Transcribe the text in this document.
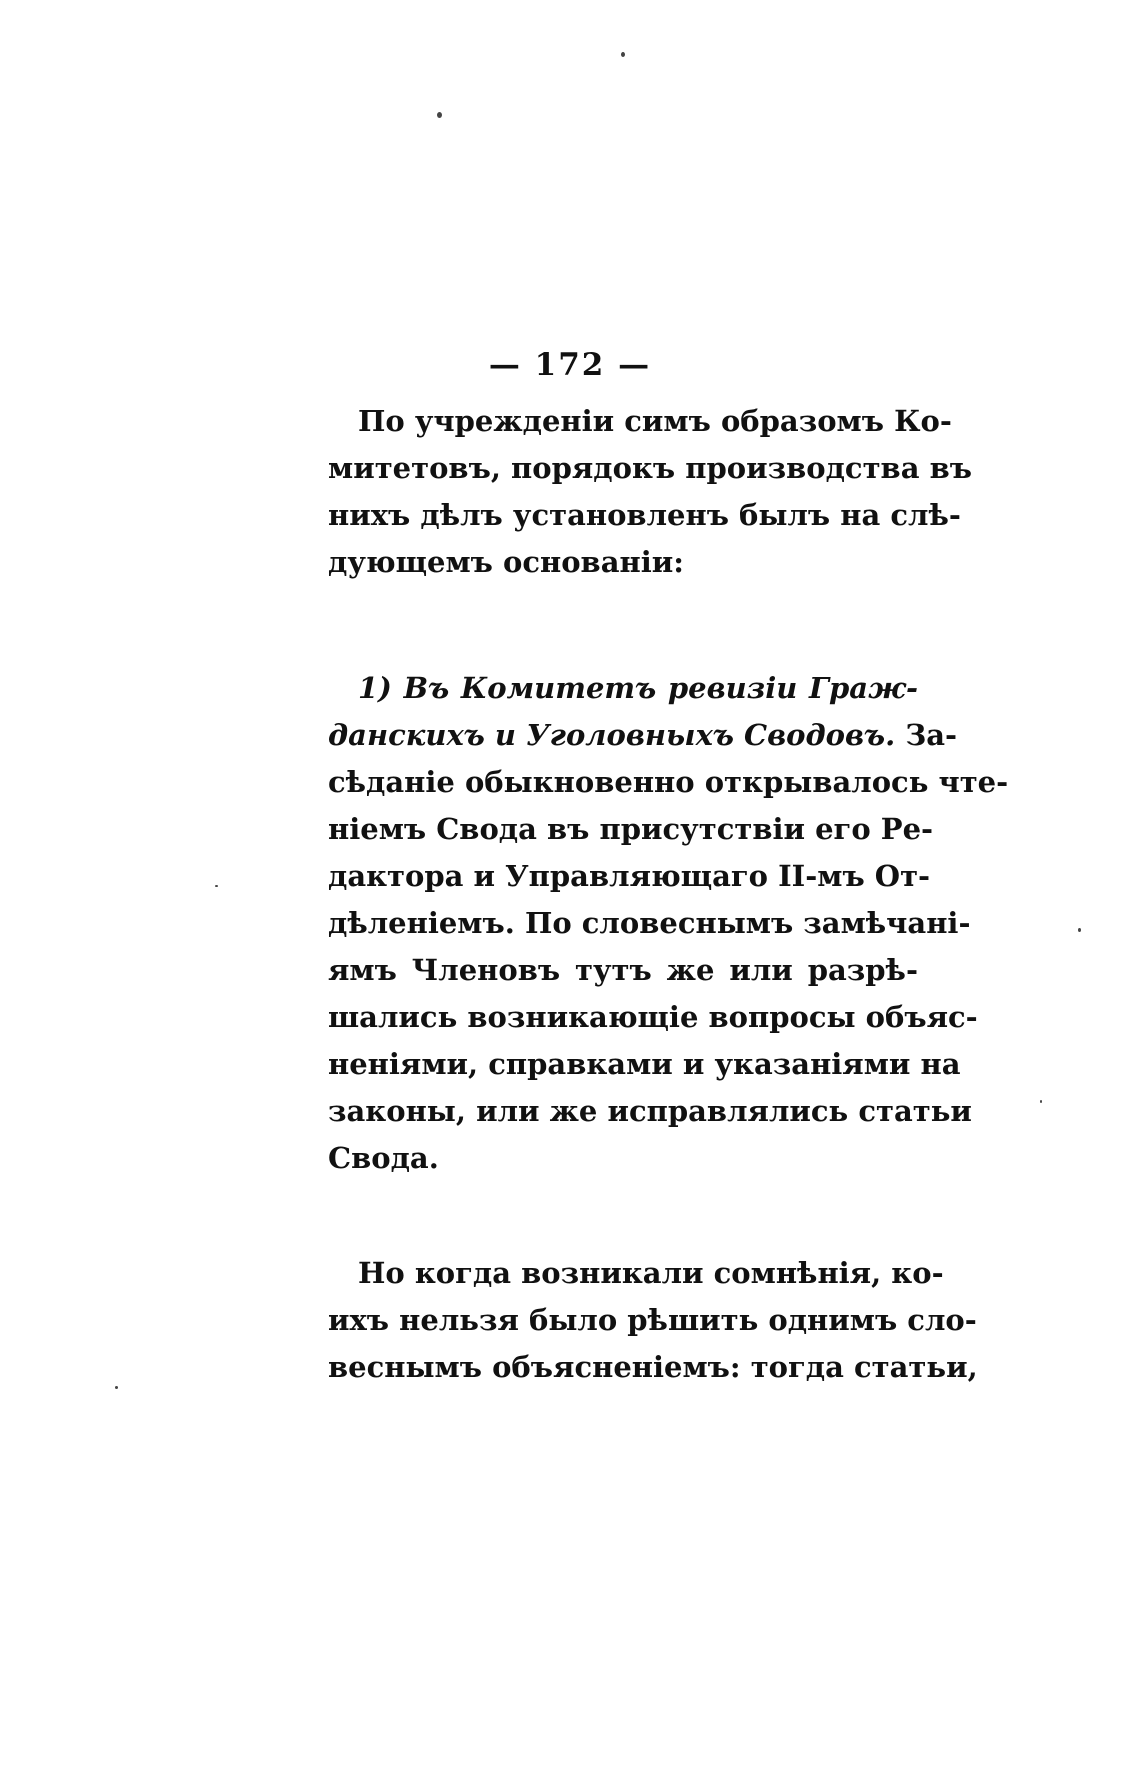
— 172 —
По учрежденіи симъ образомъ Ко-
митетовъ, порядокъ производства въ
нихъ дѣлъ установленъ былъ на слѣ-
дующемъ основаніи:
1) Въ Комитетъ ревизіи Граж-
данскихъ и Уголовныхъ Сводовъ. За-
сѣданіе обыкновенно открывалось чте-
ніемъ Свода въ присутствіи его Ре-
дактора и Управляющаго II-мъ От-
дѣленіемъ. По словеснымъ замѣчані-
ямъ Членовъ тутъ же или разрѣ-
шались возникающіе вопросы объяс-
неніями, справками и указаніями на
законы, или же исправлялись статьи
Свода.
Но когда возникали сомнѣнія, ко-
ихъ нельзя было рѣшить однимъ сло-
веснымъ объясненіемъ: тогда статьи,
